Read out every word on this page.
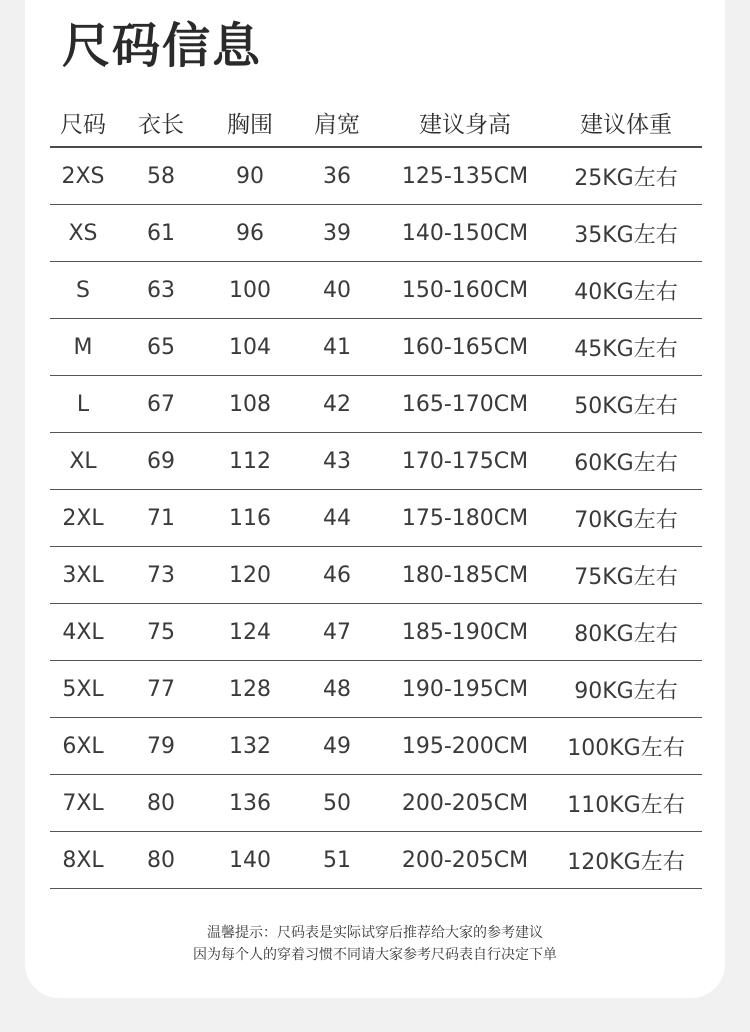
尺码信息
尺码	衣长	胸围	肩宽	建议身高	建议体重
2XS	58	90	36	125-135CM	25KG左右
XS	61	96	39	140-150CM	35KG左右
S	63	100	40	150-160CM	40KG左右
M	65	104	41	160-165CM	45KG左右
L	67	108	42	165-170CM	50KG左右
XL	69	112	43	170-175CM	60KG左右
2XL	71	116	44	175-180CM	70KG左右
3XL	73	120	46	180-185CM	75KG左右
4XL	75	124	47	185-190CM	80KG左右
5XL	77	128	48	190-195CM	90KG左右
6XL	79	132	49	195-200CM	100KG左右
7XL	80	136	50	200-205CM	110KG左右
8XL	80	140	51	200-205CM	120KG左右
温馨提示：尺码表是实际试穿后推荐给大家的参考建议
因为每个人的穿着习惯不同请大家参考尺码表自行决定下单
